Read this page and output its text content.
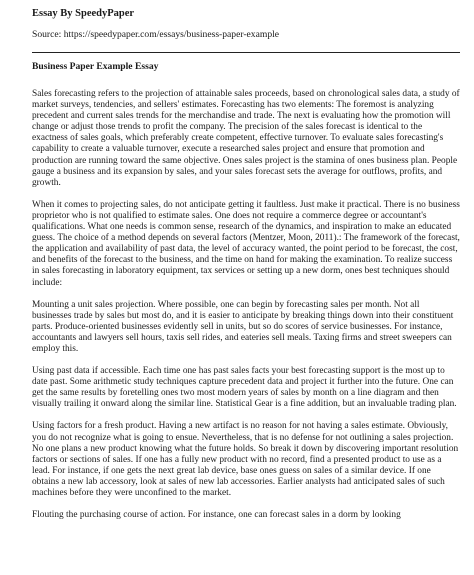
Essay By SpeedyPaper
Source: https://speedypaper.com/essays/business-paper-example
Business Paper Example Essay

Sales forecasting refers to the projection of attainable sales proceeds, based on chronological sales data, a study of market surveys, tendencies, and sellers' estimates. Forecasting has two elements: The foremost is analyzing precedent and current sales trends for the merchandise and trade. The next is evaluating how the promotion will change or adjust those trends to profit the company. The precision of the sales forecast is identical to the exactness of sales goals, which preferably create competent, effective turnover. To evaluate sales forecasting's capability to create a valuable turnover, execute a researched sales project and ensure that promotion and production are running toward the same objective. Ones sales project is the stamina of ones business plan. People gauge a business and its expansion by sales, and your sales forecast sets the average for outflows, profits, and growth.

When it comes to projecting sales, do not anticipate getting it faultless. Just make it practical. There is no business proprietor who is not qualified to estimate sales. One does not require a commerce degree or accountant's qualifications. What one needs is common sense, research of the dynamics, and inspiration to make an educated guess. The choice of a method depends on several factors (Mentzer, Moon, 2011).: The framework of the forecast, the application and availability of past data, the level of accuracy wanted, the point period to be forecast, the cost, and benefits of the forecast to the business, and the time on hand for making the examination. To realize success in sales forecasting in laboratory equipment, tax services or setting up a new dorm, ones best techniques should include:

Mounting a unit sales projection. Where possible, one can begin by forecasting sales per month. Not all businesses trade by sales but most do, and it is easier to anticipate by breaking things down into their constituent parts. Produce-oriented businesses evidently sell in units, but so do scores of service businesses. For instance, accountants and lawyers sell hours, taxis sell rides, and eateries sell meals. Taxing firms and street sweepers can employ this.

Using past data if accessible. Each time one has past sales facts your best forecasting support is the most up to date past. Some arithmetic study techniques capture precedent data and project it further into the future. One can get the same results by foretelling ones two most modern years of sales by month on a line diagram and then visually trailing it onward along the similar line. Statistical Gear is a fine addition, but an invaluable trading plan.

Using factors for a fresh product. Having a new artifact is no reason for not having a sales estimate. Obviously, you do not recognize what is going to ensue. Nevertheless, that is no defense for not outlining a sales projection. No one plans a new product knowing what the future holds. So break it down by discovering important resolution factors or sections of sales. If one has a fully new product with no record, find a presented product to use as a lead. For instance, if one gets the next great lab device, base ones guess on sales of a similar device. If one obtains a new lab accessory, look at sales of new lab accessories. Earlier analysts had anticipated sales of such machines before they were unconfined to the market.

Flouting the purchasing course of action. For instance, one can forecast sales in a dorm by looking
